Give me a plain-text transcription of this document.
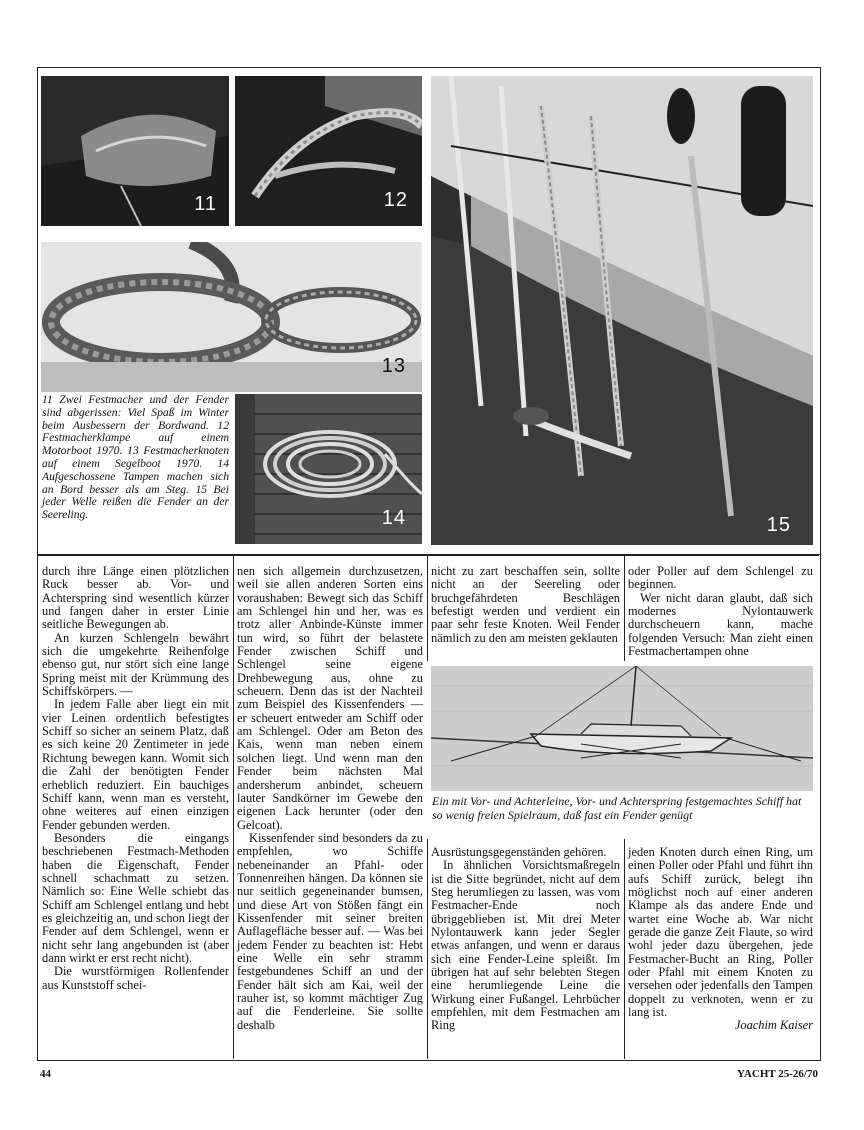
11	12
13
14
11 Zwei Festmacher und der Fender sind abgerissen: Viel Spaß im Winter beim Ausbessern der Bordwand. 12 Festmacherklampe auf einem Motorboot 1970. 13 Festmacherknoten auf einem Segelboot 1970. 14 Aufgeschossene Tampen machen sich an Bord besser als am Steg. 15 Bei jeder Welle reißen die Fender an der Seereling.	15

durch ihre Länge einen plötzlichen Ruck besser ab. Vor- und Achterspring sind wesentlich kürzer und fangen daher in erster Linie seitliche Bewegungen ab.

An kurzen Schlengeln bewährt sich die umgekehrte Reihenfolge ebenso gut, nur stört sich eine lange Spring meist mit der Krümmung des Schiffskörpers. —

In jedem Falle aber liegt ein mit vier Leinen ordentlich befestigtes Schiff so sicher an seinem Platz, daß es sich keine 20 Zentimeter in jede Richtung bewegen kann. Womit sich die Zahl der benötigten Fender erheblich reduziert. Ein bauchiges Schiff kann, wenn man es versteht, ohne weiteres auf einen einzigen Fender gebunden werden.

Besonders die eingangs beschriebenen Festmach-Methoden haben die Eigenschaft, Fender schnell schachmatt zu setzen. Nämlich so: Eine Welle schiebt das Schiff am Schlengel entlang und hebt es gleichzeitig an, und schon liegt der Fender auf dem Schlengel, wenn er nicht sehr lang angebunden ist (aber dann wirkt er erst recht nicht).

Die wurstförmigen Rollenfender aus Kunststoff schei-

nen sich allgemein durchzusetzen, weil sie allen anderen Sorten eins voraushaben: Bewegt sich das Schiff am Schlengel hin und her, was es trotz aller Anbinde-Künste immer tun wird, so führt der belastete Fender zwischen Schiff und Schlengel seine eigene Drehbewegung aus, ohne zu scheuern. Denn das ist der Nachteil zum Beispiel des Kissenfenders — er scheuert entweder am Schiff oder am Schlengel. Oder am Beton des Kais, wenn man neben einem solchen liegt. Und wenn man den Fender beim nächsten Mal andersherum anbindet, scheuern lauter Sandkörner im Gewebe den eigenen Lack herunter (oder den Gelcoat).

Kissenfender sind besonders da zu empfehlen, wo Schiffe nebeneinander an Pfahl- oder Tonnenreihen hängen. Da können sie nur seitlich gegeneinander bumsen, und diese Art von Stößen fängt ein Kissenfender mit seiner breiten Auflagefläche besser auf. — Was bei jedem Fender zu beachten ist: Hebt eine Welle ein sehr stramm festgebundenes Schiff an und der Fender hält sich am Kai, weil der rauher ist, so kommt mächtiger Zug auf die Fenderleine. Sie sollte deshalb

nicht zu zart beschaffen sein, sollte nicht an der Seereling oder bruchgefährdeten Beschlägen befestigt werden und verdient ein paar sehr feste Knoten. Weil Fender nämlich zu den am meisten geklauten

oder Poller auf dem Schlengel zu beginnen.

Wer nicht daran glaubt, daß sich modernes Nylontauwerk durchscheuern kann, mache folgenden Versuch: Man zieht einen Festmachertampen ohne

Ein mit Vor- und Achterleine, Vor- und Achterspring festgemachtes Schiff hat so wenig freien Spielraum, daß fast ein Fender genügt

Ausrüstungsgegenständen gehören.

In ähnlichen Vorsichtsmaßregeln ist die Sitte begründet, nicht auf dem Steg herumliegen zu lassen, was vom Festmacher-Ende noch übriggeblieben ist. Mit drei Meter Nylontauwerk kann jeder Segler etwas anfangen, und wenn er daraus sich eine Fender-Leine spleißt. Im übrigen hat auf sehr belebten Stegen eine herumliegende Leine die Wirkung einer Fußangel. Lehrbücher empfehlen, mit dem Festmachen am Ring

jeden Knoten durch einen Ring, um einen Poller oder Pfahl und führt ihn aufs Schiff zurück, belegt ihn möglichst noch auf einer anderen Klampe als das andere Ende und wartet eine Woche ab. War nicht gerade die ganze Zeit Flaute, so wird wohl jeder dazu übergehen, jede Festmacher-Bucht an Ring, Poller oder Pfahl mit einem Knoten zu versehen oder jedenfalls den Tampen doppelt zu verknoten, wenn er zu lang ist.

Joachim Kaiser

44	YACHT 25-26/70
